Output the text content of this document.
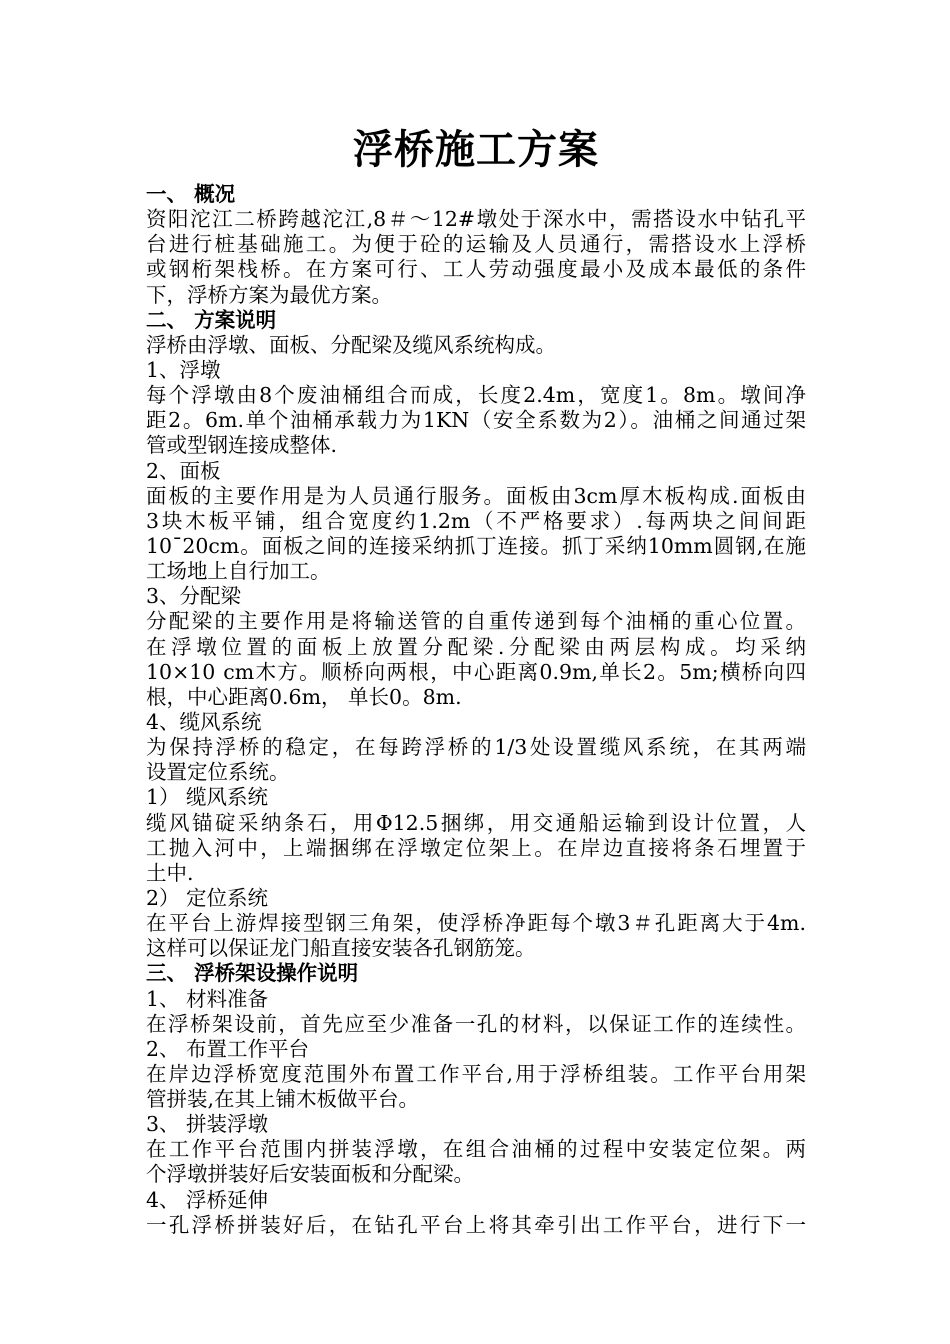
浮桥施工方案
一、 概况
资阳沱江二桥跨越沱江,8＃～12#墩处于深水中，需搭设水中钻孔平
台进行桩基础施工。为便于砼的运输及人员通行，需搭设水上浮桥
或钢桁架栈桥。在方案可行、工人劳动强度最小及成本最低的条件
下，浮桥方案为最优方案。
二、 方案说明
浮桥由浮墩、面板、分配梁及缆风系统构成。
1、浮墩
每个浮墩由8个废油桶组合而成，长度2.4m，宽度1。8m。墩间净
距2。6m.单个油桶承载力为1KN（安全系数为2）。油桶之间通过架
管或型钢连接成整体.
2、面板
面板的主要作用是为人员通行服务。面板由3cm厚木板构成.面板由
3块木板平铺，组合宽度约1.2m（不严格要求）.每两块之间间距
10¯20cm。面板之间的连接采纳抓丁连接。抓丁采纳10mm圆钢,在施
工场地上自行加工。
3、分配梁
分配梁的主要作用是将输送管的自重传递到每个油桶的重心位置。
在浮墩位置的面板上放置分配梁.分配梁由两层构成。均采纳
10×10 cm木方。顺桥向两根，中心距离0.9m,单长2。5m;横桥向四
根，中心距离0.6m， 单长0。8m.
4、缆风系统
为保持浮桥的稳定，在每跨浮桥的1/3处设置缆风系统，在其两端
设置定位系统。
1） 缆风系统
缆风锚碇采纳条石，用Φ12.5捆绑，用交通船运输到设计位置，人
工抛入河中，上端捆绑在浮墩定位架上。在岸边直接将条石埋置于
土中.
2） 定位系统
在平台上游焊接型钢三角架，使浮桥净距每个墩3＃孔距离大于4m.
这样可以保证龙门船直接安装各孔钢筋笼。
三、 浮桥架设操作说明
1、 材料准备
在浮桥架设前，首先应至少准备一孔的材料，以保证工作的连续性。
2、 布置工作平台
在岸边浮桥宽度范围外布置工作平台,用于浮桥组装。工作平台用架
管拼装,在其上铺木板做平台。
3、 拼装浮墩
在工作平台范围内拼装浮墩，在组合油桶的过程中安装定位架。两
个浮墩拼装好后安装面板和分配梁。
4、 浮桥延伸
一孔浮桥拼装好后，在钻孔平台上将其牵引出工作平台，进行下一
